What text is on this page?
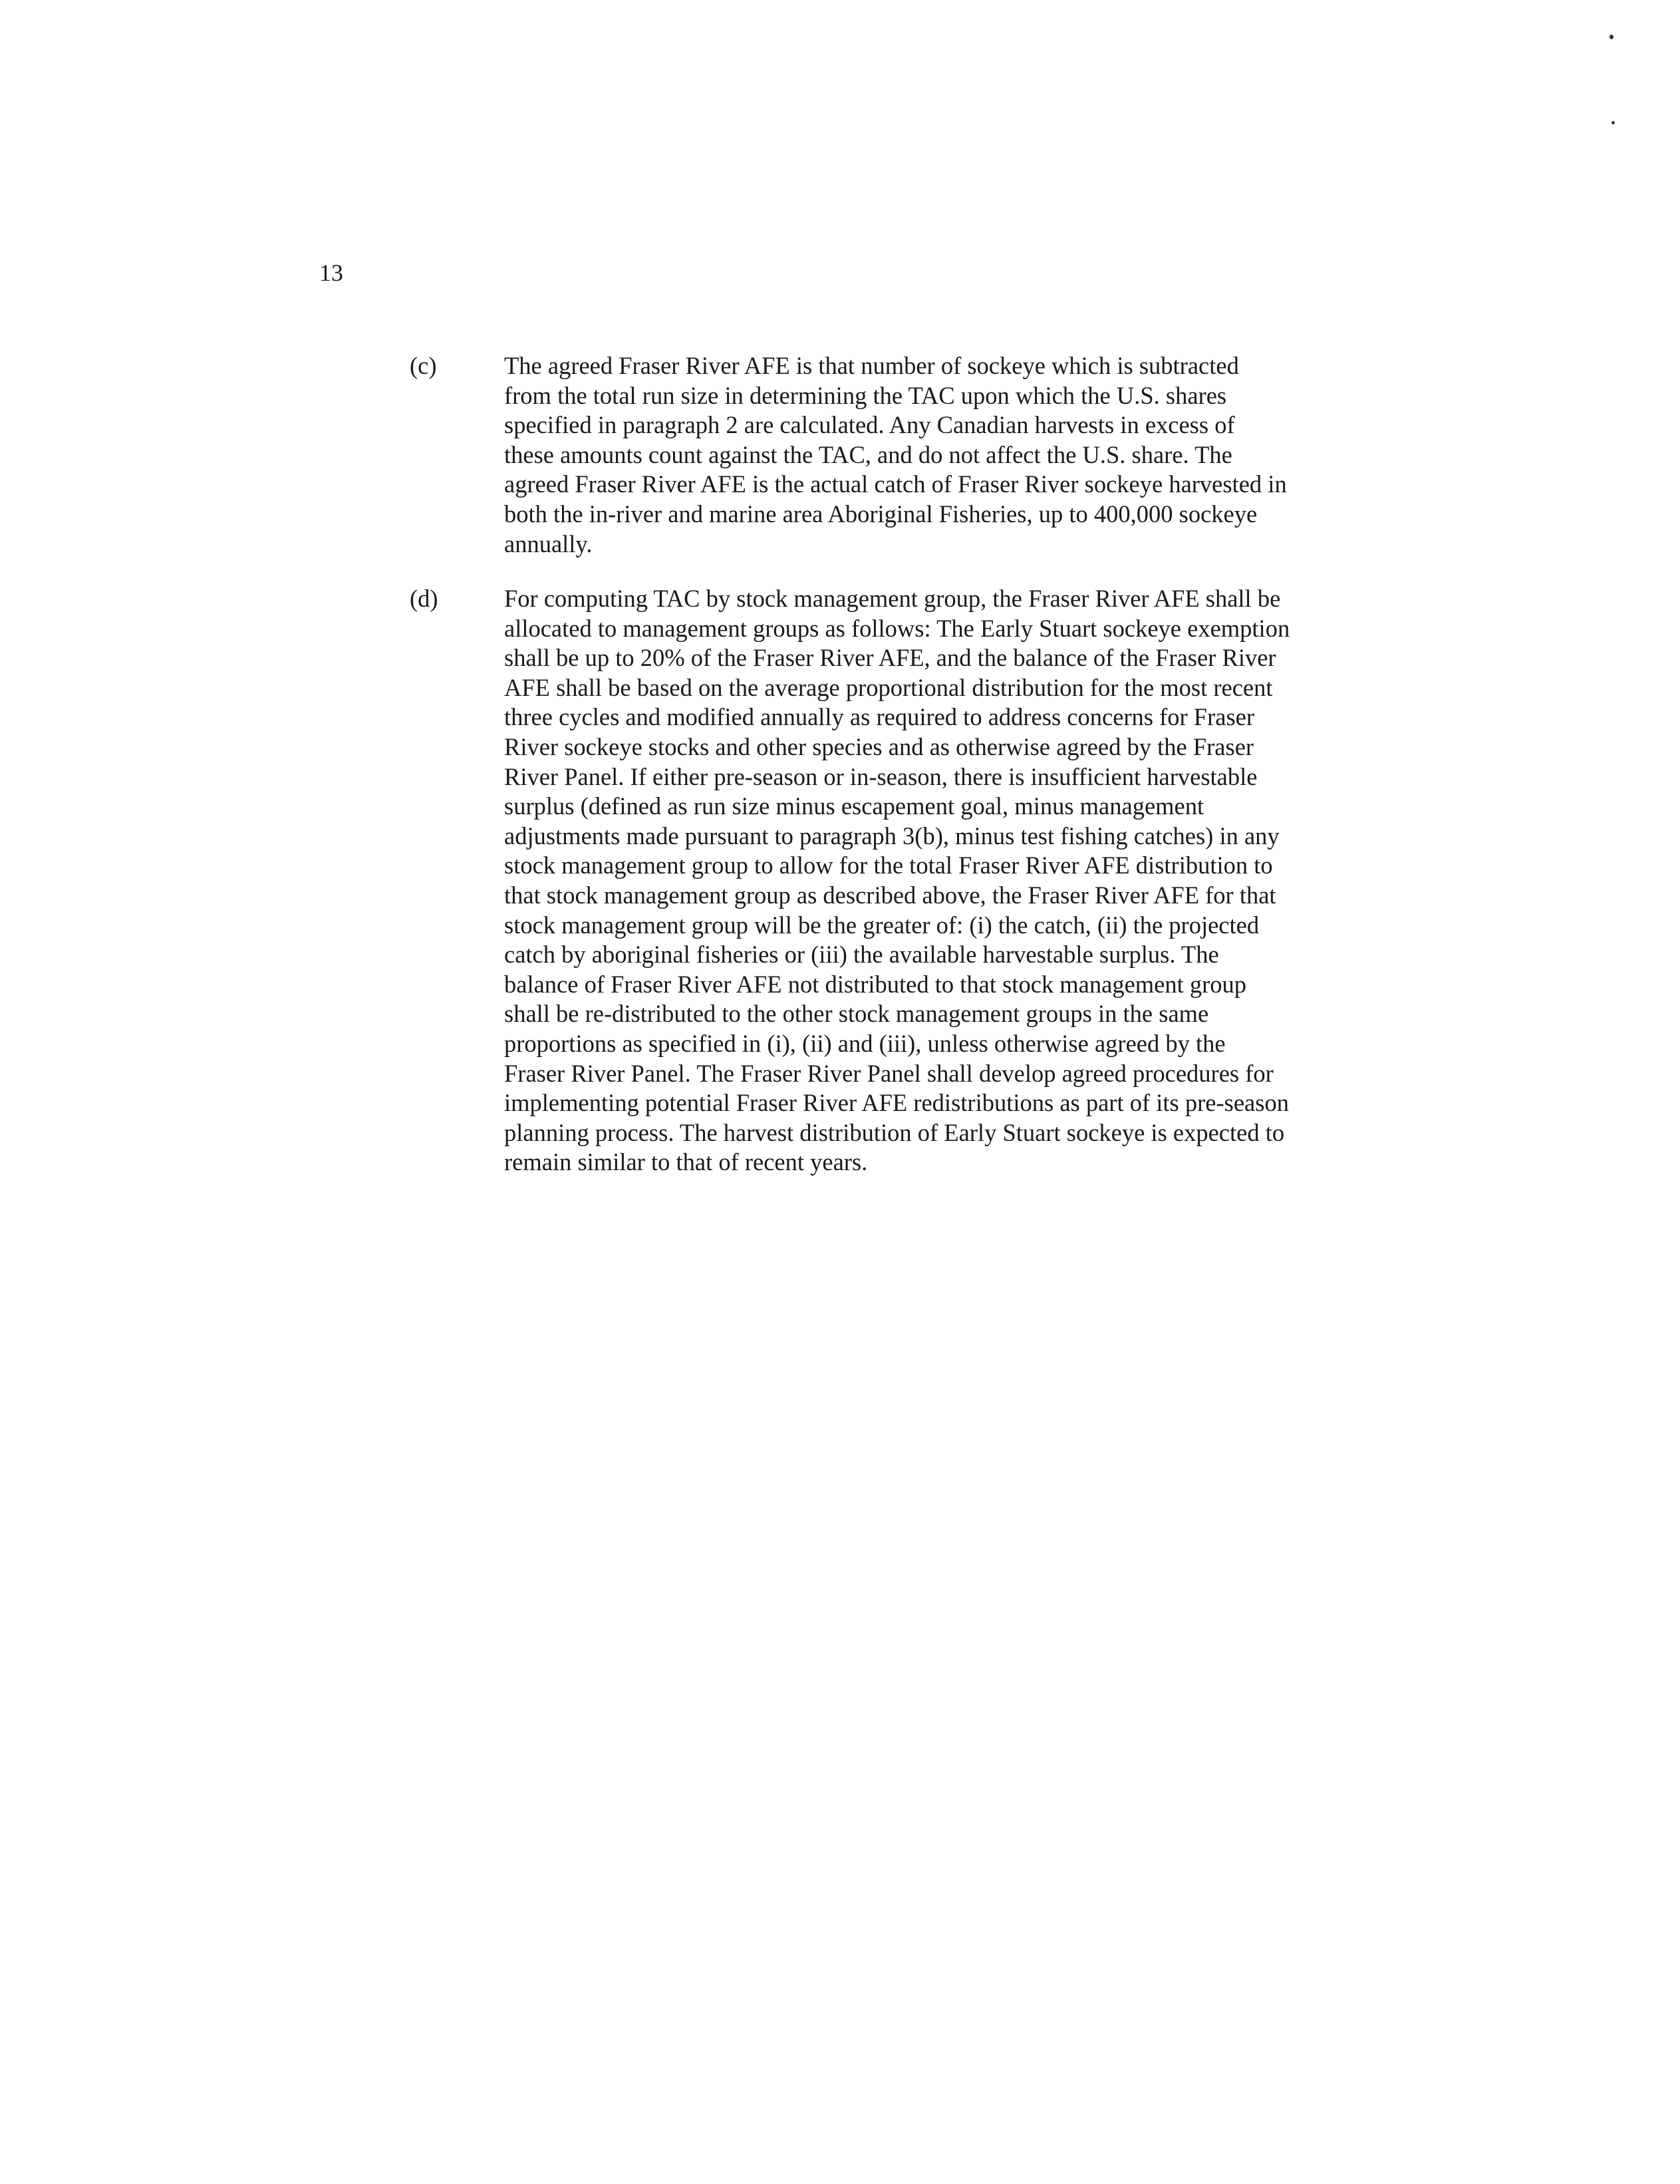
13
(c)	The agreed Fraser River AFE is that number of sockeye which is subtracted
from the total run size in determining the TAC upon which the U.S. shares
specified in paragraph 2 are calculated. Any Canadian harvests in excess of
these amounts count against the TAC, and do not affect the U.S. share. The
agreed Fraser River AFE is the actual catch of Fraser River sockeye harvested in
both the in-river and marine area Aboriginal Fisheries, up to 400,000 sockeye
annually.
(d)	For computing TAC by stock management group, the Fraser River AFE shall be
allocated to management groups as follows: The Early Stuart sockeye exemption
shall be up to 20% of the Fraser River AFE, and the balance of the Fraser River
AFE shall be based on the average proportional distribution for the most recent
three cycles and modified annually as required to address concerns for Fraser
River sockeye stocks and other species and as otherwise agreed by the Fraser
River Panel. If either pre-season or in-season, there is insufficient harvestable
surplus (defined as run size minus escapement goal, minus management
adjustments made pursuant to paragraph 3(b), minus test fishing catches) in any
stock management group to allow for the total Fraser River AFE distribution to
that stock management group as described above, the Fraser River AFE for that
stock management group will be the greater of: (i) the catch, (ii) the projected
catch by aboriginal fisheries or (iii) the available harvestable surplus. The
balance of Fraser River AFE not distributed to that stock management group
shall be re-distributed to the other stock management groups in the same
proportions as specified in (i), (ii) and (iii), unless otherwise agreed by the
Fraser River Panel. The Fraser River Panel shall develop agreed procedures for
implementing potential Fraser River AFE redistributions as part of its pre-season
planning process. The harvest distribution of Early Stuart sockeye is expected to
remain similar to that of recent years.
